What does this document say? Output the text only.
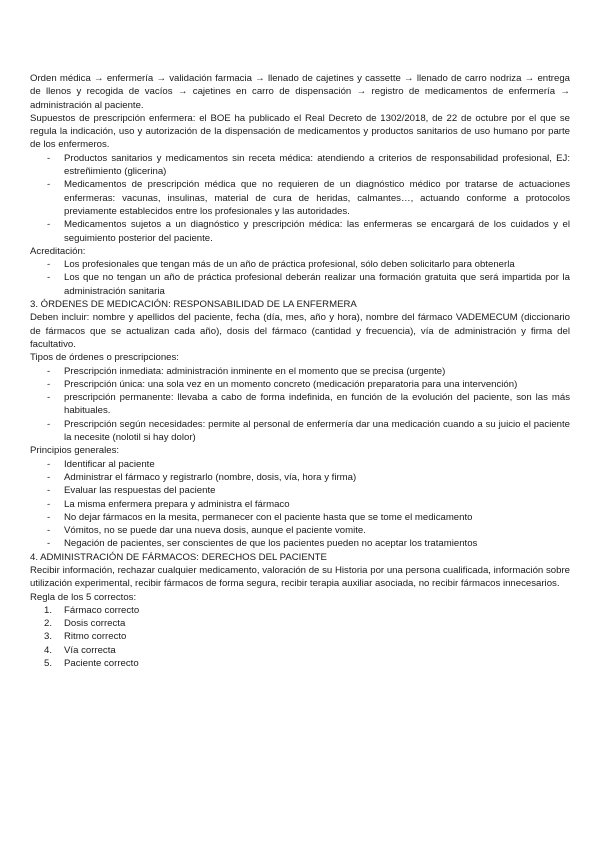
Orden médica → enfermería → validación farmacia → llenado de cajetines y cassette → llenado de carro nodriza → entrega de llenos y recogida de vacíos → cajetines en carro de dispensación → registro de medicamentos de enfermería → administración al paciente.

Supuestos de prescripción enfermera: el BOE ha publicado el Real Decreto de 1302/2018, de 22 de octubre por el que se regula la indicación, uso y autorización de la dispensación de medicamentos y productos sanitarios de uso humano por parte de los enfermeros.

- Productos sanitarios y medicamentos sin receta médica: atendiendo a criterios de responsabilidad profesional, EJ: estreñimiento (glicerina)
- Medicamentos de prescripción médica que no requieren de un diagnóstico médico por tratarse de actuaciones enfermeras: vacunas, insulinas, material de cura de heridas, calmantes…, actuando conforme a protocolos previamente establecidos entre los profesionales y las autoridades.
- Medicamentos sujetos a un diagnóstico y prescripción médica: las enfermeras se encargará de los cuidados y el seguimiento posterior del paciente.

Acreditación:

- Los profesionales que tengan más de un año de práctica profesional, sólo deben solicitarlo para obtenerla
- Los que no tengan un año de práctica profesional deberán realizar una formación gratuita que será impartida por la administración sanitaria

3. ÓRDENES DE MEDICACIÓN: RESPONSABILIDAD DE LA ENFERMERA

Deben incluir: nombre y apellidos del paciente, fecha (día, mes, año y hora), nombre del fármaco VADEMECUM (diccionario de fármacos que se actualizan cada año), dosis del fármaco (cantidad y frecuencia), vía de administración y firma del facultativo.

Tipos de órdenes o prescripciones:

- Prescripción inmediata: administración inminente en el momento que se precisa (urgente)
- Prescripción única: una sola vez en un momento concreto (medicación preparatoria para una intervención)
- prescripción permanente: llevaba a cabo de forma indefinida, en función de la evolución del paciente, son las más habituales.
- Prescripción según necesidades: permite al personal de enfermería dar una medicación cuando a su juicio el paciente la necesite (nolotil si hay dolor)

Principios generales:

- Identificar al paciente
- Administrar el fármaco y registrarlo (nombre, dosis, vía, hora y firma)
- Evaluar las respuestas del paciente
- La misma enfermera prepara y administra el fármaco
- No dejar fármacos en la mesita, permanecer con el paciente hasta que se tome el medicamento
- Vómitos, no se puede dar una nueva dosis, aunque el paciente vomite.
- Negación de pacientes, ser conscientes de que los pacientes pueden no aceptar los tratamientos

4. ADMINISTRACIÓN DE FÁRMACOS: DERECHOS DEL PACIENTE

Recibir información, rechazar cualquier medicamento, valoración de su Historia por una persona cualificada, información sobre utilización experimental, recibir fármacos de forma segura, recibir terapia auxiliar asociada, no recibir fármacos innecesarios.

Regla de los 5 correctos:

1. Fármaco correcto
2. Dosis correcta
3. Ritmo correcto
4. Vía correcta
5. Paciente correcto
